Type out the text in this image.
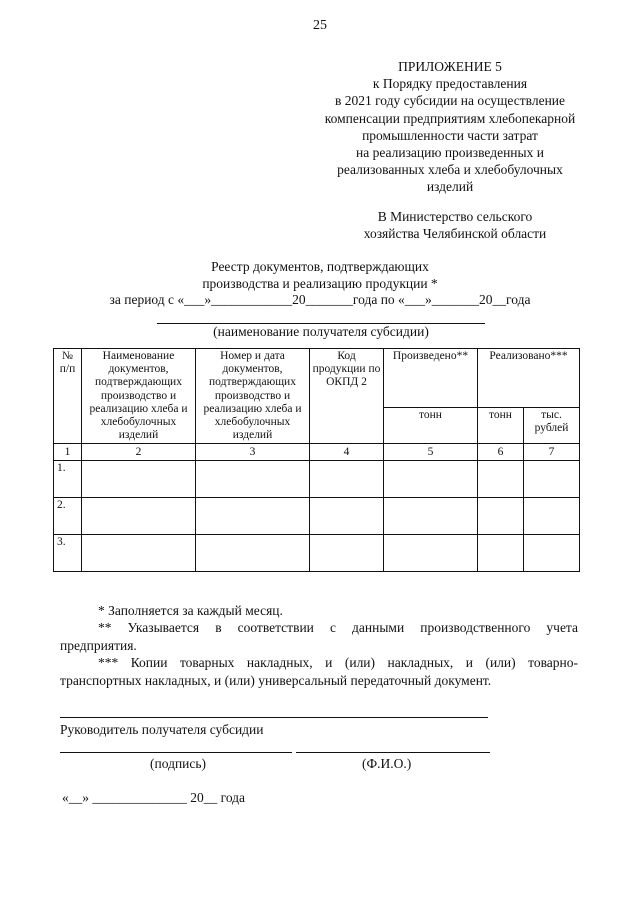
25
ПРИЛОЖЕНИЕ 5
к Порядку предоставления
в 2021 году субсидии на осуществление
компенсации предприятиям хлебопекарной
промышленности части затрат
на реализацию произведенных и
реализованных хлеба и хлебобулочных
изделий
В Министерство сельского
хозяйства Челябинской области
Реестр документов, подтверждающих
производства и реализацию продукции *
за период с «___»____________20_______года по «___»_______20__года
(наименование получателя субсидии)
№ п/п	Наименование документов, подтверждающих производство и реализацию хлеба и хлебобулочных изделий	Номер и дата документов, подтверждающих производство и реализацию хлеба и хлебобулочных изделий	Код продукции по ОКПД 2	Произведено**	Реализовано***	
				тонн	тонн	тыс. рублей
1	2	3	4	5	6	7
1.						
2.						
3.						

* Заполняется за каждый месяц.

** Указывается в соответствии с данными производственного учета

предприятия.

*** Копии товарных накладных, и (или) накладных, и (или) товарно-

транспортных накладных, и (или) универсальный передаточный документ.

Руководитель получателя субсидии
(подпись)	(Ф.И.О.)
«__» ______________ 20__ года
